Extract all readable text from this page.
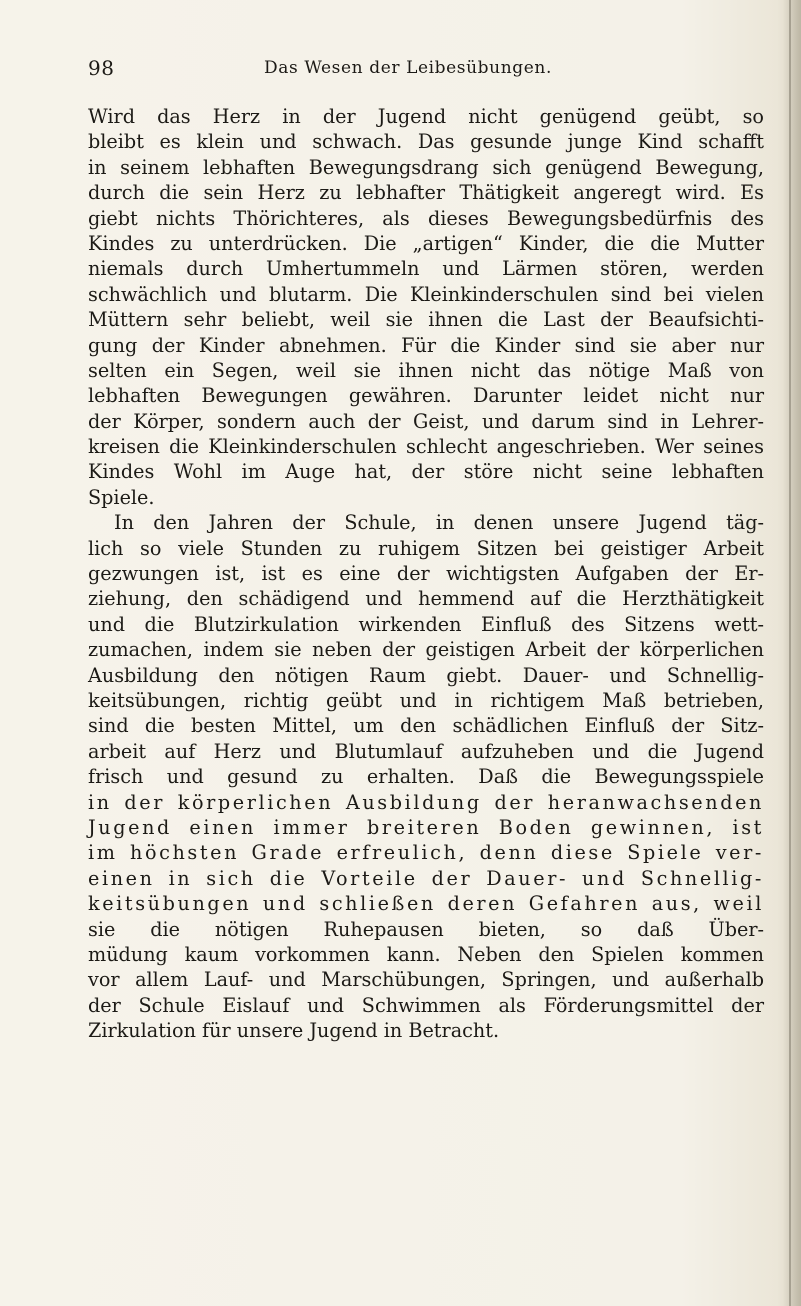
98	Das Wesen der Leibesübungen.
Wird das Herz in der Jugend nicht genügend geübt, so
bleibt es klein und schwach. Das gesunde junge Kind schafft
in seinem lebhaften Bewegungsdrang sich genügend Bewegung,
durch die sein Herz zu lebhafter Thätigkeit angeregt wird. Es
giebt nichts Thörichteres, als dieses Bewegungsbedürfnis des
Kindes zu unterdrücken. Die „artigen“ Kinder, die die Mutter
niemals durch Umhertummeln und Lärmen stören, werden
schwächlich und blutarm. Die Kleinkinderschulen sind bei vielen
Müttern sehr beliebt, weil sie ihnen die Last der Beaufsichti-
gung der Kinder abnehmen. Für die Kinder sind sie aber nur
selten ein Segen, weil sie ihnen nicht das nötige Maß von
lebhaften Bewegungen gewähren. Darunter leidet nicht nur
der Körper, sondern auch der Geist, und darum sind in Lehrer-
kreisen die Kleinkinderschulen schlecht angeschrieben. Wer seines
Kindes Wohl im Auge hat, der störe nicht seine lebhaften
Spiele.
In den Jahren der Schule, in denen unsere Jugend täg-
lich so viele Stunden zu ruhigem Sitzen bei geistiger Arbeit
gezwungen ist, ist es eine der wichtigsten Aufgaben der Er-
ziehung, den schädigend und hemmend auf die Herzthätigkeit
und die Blutzirkulation wirkenden Einfluß des Sitzens wett-
zumachen, indem sie neben der geistigen Arbeit der körperlichen
Ausbildung den nötigen Raum giebt. Dauer- und Schnellig-
keitsübungen, richtig geübt und in richtigem Maß betrieben,
sind die besten Mittel, um den schädlichen Einfluß der Sitz-
arbeit auf Herz und Blutumlauf aufzuheben und die Jugend
frisch und gesund zu erhalten. Daß die Bewegungsspiele
in der körperlichen Ausbildung der heranwachsenden
Jugend einen immer breiteren Boden gewinnen, ist
im höchsten Grade erfreulich, denn diese Spiele ver-
einen in sich die Vorteile der Dauer- und Schnellig-
keitsübungen und schließen deren Gefahren aus, weil
sie die nötigen Ruhepausen bieten, so daß Über-
müdung kaum vorkommen kann. Neben den Spielen kommen
vor allem Lauf- und Marschübungen, Springen, und außerhalb
der Schule Eislauf und Schwimmen als Förderungsmittel der
Zirkulation für unsere Jugend in Betracht.
